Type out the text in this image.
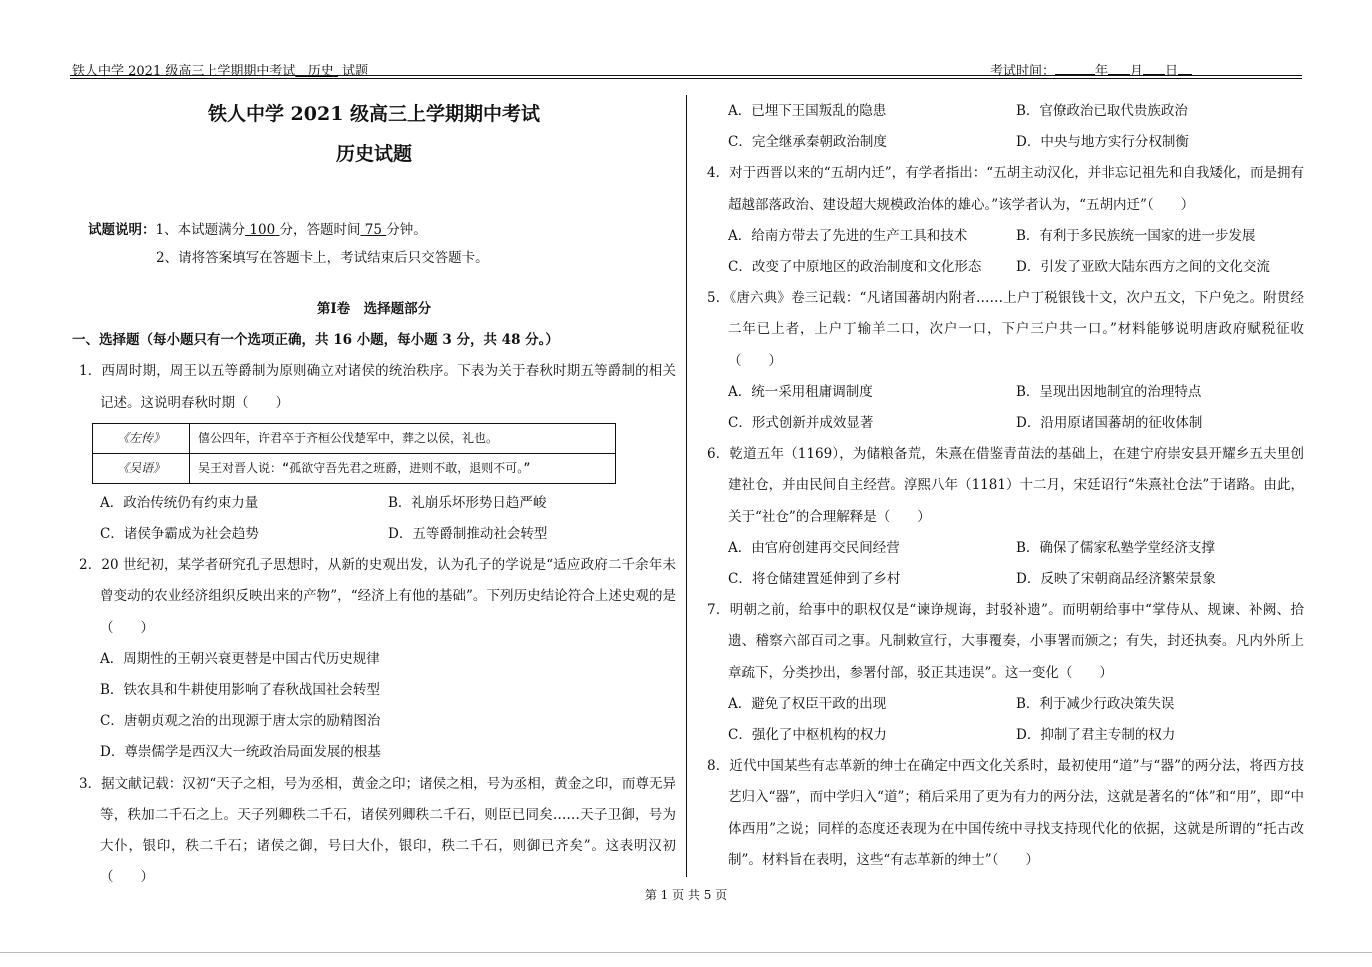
铁人中学 2021 级高三上学期期中考试 历史 试题	考试时间：	年 月 日
铁人中学 2021 级高三上学期期中考试
历史试题
试题说明：1、本试题满分 100 分，答题时间 75 分钟。
2、请将答案填写在答题卡上，考试结束后只交答题卡。
第Ⅰ卷　选择题部分
一、选择题（每小题只有一个选项正确，共 16 小题，每小题 3 分，共 48 分。）
1．西周时期，周王以五等爵制为原则确立对诸侯的统治秩序。下表为关于春秋时期五等爵制的相关记述。这说明春秋时期（　　）
《左传》	僖公四年，许君卒于齐桓公伐楚军中，葬之以侯，礼也。
《吴语》	吴王对晋人说：“孤欲守吾先君之班爵，进则不敢，退则不可。”
A．政治传统仍有约束力量	B．礼崩乐坏形势日趋严峻
C．诸侯争霸成为社会趋势	D．五等爵制推动社会转型
2．20 世纪初，某学者研究孔子思想时，从新的史观出发，认为孔子的学说是“适应政府二千余年未曾变动的农业经济组织反映出来的产物”，“经济上有他的基础”。下列历史结论符合上述史观的是（　　）
A．周期性的王朝兴衰更替是中国古代历史规律
B．铁农具和牛耕使用影响了春秋战国社会转型
C．唐朝贞观之治的出现源于唐太宗的励精图治
D．尊崇儒学是西汉大一统政治局面发展的根基
3．据文献记载：汉初“天子之相，号为丞相，黄金之印；诸侯之相，号为丞相，黄金之印，而尊无异等，秩加二千石之上。天子列卿秩二千石，诸侯列卿秩二千石，则臣已同矣……天子卫御，号为大仆，银印，秩二千石；诸侯之御，号曰大仆，银印，秩二千石，则御已齐矣”。这表明汉初（　　）
A．已埋下王国叛乱的隐患	B．官僚政治已取代贵族政治
C．完全继承秦朝政治制度	D．中央与地方实行分权制衡
4．对于西晋以来的“五胡内迁”，有学者指出：“五胡主动汉化，并非忘记祖先和自我矮化，而是拥有超越部落政治、建设超大规模政治体的雄心。”该学者认为，“五胡内迁”（　　）
A．给南方带去了先进的生产工具和技术	B．有利于多民族统一国家的进一步发展
C．改变了中原地区的政治制度和文化形态	D．引发了亚欧大陆东西方之间的文化交流
5．《唐六典》卷三记载：“凡诸国蕃胡内附者……上户丁税银钱十文，次户五文，下户免之。附贯经二年已上者，上户丁输羊二口，次户一口，下户三户共一口。”材料能够说明唐政府赋税征收（　　）
A．统一采用租庸调制度	B．呈现出因地制宜的治理特点
C．形式创新并成效显著	D．沿用原诸国蕃胡的征收体制
6．乾道五年（1169），为储粮备荒，朱熹在借鉴青苗法的基础上，在建宁府崇安县开耀乡五夫里创建社仓，并由民间自主经营。淳熙八年（1181）十二月，宋廷诏行“朱熹社仓法”于诸路。由此，关于“社仓”的合理解释是（　　）
A．由官府创建再交民间经营	B．确保了儒家私塾学堂经济支撑
C．将仓储建置延伸到了乡村	D．反映了宋朝商品经济繁荣景象
7．明朝之前，给事中的职权仅是“谏诤规诲，封驳补遗”。而明朝给事中“掌侍从、规谏、补阙、拾遗、稽察六部百司之事。凡制敕宣行，大事覆奏，小事署而颁之；有失，封还执奏。凡内外所上章疏下，分类抄出，参署付部，驳正其违误”。这一变化（　　）
A．避免了权臣干政的出现	B．利于减少行政决策失误
C．强化了中枢机构的权力	D．抑制了君主专制的权力
8．近代中国某些有志革新的绅士在确定中西文化关系时，最初使用“道”与“器”的两分法，将西方技艺归入“器”，而中学归入“道”；稍后采用了更为有力的两分法，这就是著名的“体”和“用”，即“中体西用”之说；同样的态度还表现为在中国传统中寻找支持现代化的依据，这就是所谓的“托古改制”。材料旨在表明，这些“有志革新的绅士”（　　）
第 1 页 共 5 页
